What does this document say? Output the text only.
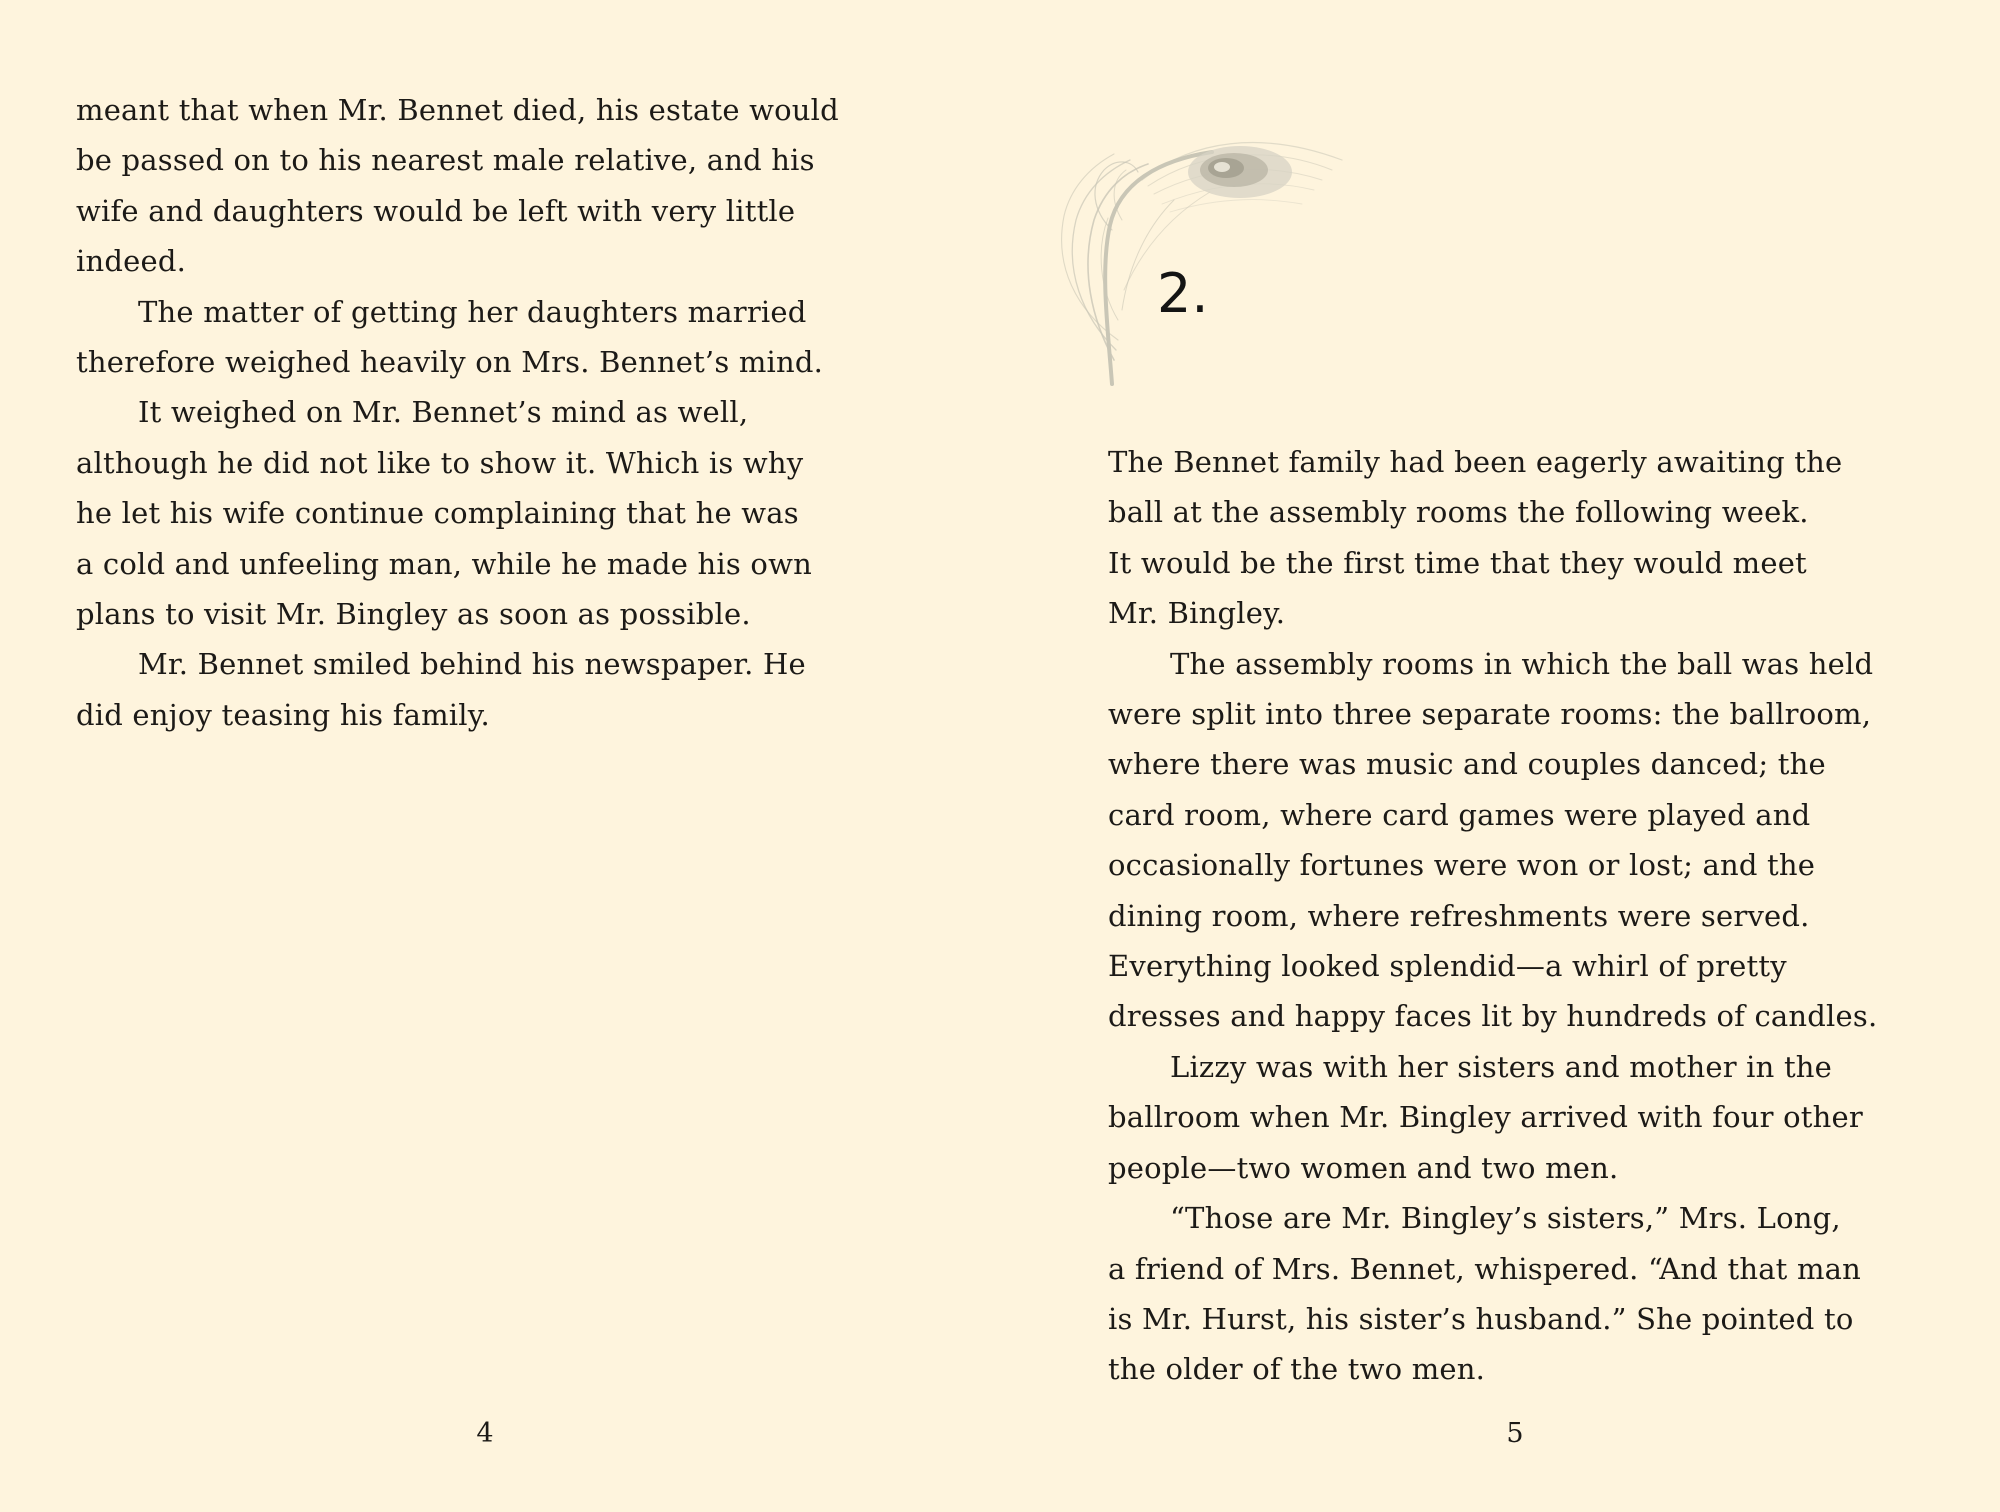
meant that when Mr. Bennet died, his estate would
be passed on to his nearest male relative, and his
wife and daughters would be left with very little
indeed.
The matter of getting her daughters married
therefore weighed heavily on Mrs. Bennet’s mind.
It weighed on Mr. Bennet’s mind as well,
although he did not like to show it. Which is why
he let his wife continue complaining that he was
a cold and unfeeling man, while he made his own
plans to visit Mr. Bingley as soon as possible.
Mr. Bennet smiled behind his newspaper. He
did enjoy teasing his family.
4
2.
The Bennet family had been eagerly awaiting the
ball at the assembly rooms the following week.
It would be the first time that they would meet
Mr. Bingley.
The assembly rooms in which the ball was held
were split into three separate rooms: the ballroom,
where there was music and couples danced; the
card room, where card games were played and
occasionally fortunes were won or lost; and the
dining room, where refreshments were served.
Everything looked splendid—a whirl of pretty
dresses and happy faces lit by hundreds of candles.
Lizzy was with her sisters and mother in the
ballroom when Mr. Bingley arrived with four other
people—two women and two men.
“Those are Mr. Bingley’s sisters,” Mrs. Long,
a friend of Mrs. Bennet, whispered. “And that man
is Mr. Hurst, his sister’s husband.” She pointed to
the older of the two men.
5
